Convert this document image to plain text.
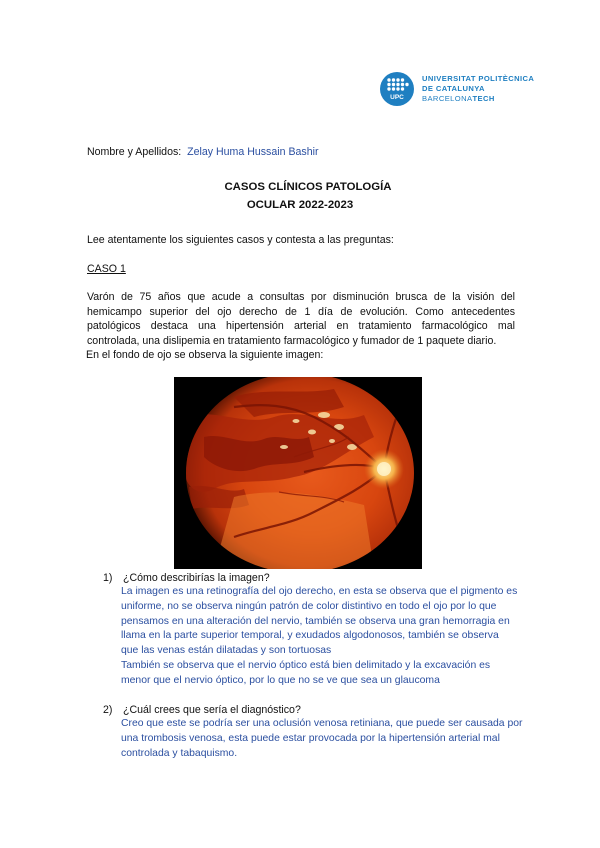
UPC
UNIVERSITAT POLITÈCNICA
DE CATALUNYA
BARCELONATECH
Nombre y Apellidos: Zelay Huma Hussain Bashir
CASOS CLÍNICOS PATOLOGÍA
OCULAR 2022-2023
Lee atentamente los siguientes casos y contesta a las preguntas:
CASO 1

Varón de 75 años que acude a consultas por disminución brusca de la visión del

hemicampo superior del ojo derecho de 1 día de evolución. Como antecedentes

patológicos destaca una hipertensión arterial en tratamiento farmacológico mal

controlada, una dislipemia en tratamiento farmacológico y fumador de 1 paquete diario.

En el fondo de ojo se observa la siguiente imagen:

1) ¿Cómo describirías la imagen?
La imagen es una retinografía del ojo derecho, en esta se observa que el pigmento es
uniforme, no se observa ningún patrón de color distintivo en todo el ojo por lo que
pensamos en una alteración del nervio, también se observa una gran hemorragia en
llama en la parte superior temporal, y exudados algodonosos, también se observa
que las venas están dilatadas y son tortuosas
También se observa que el nervio óptico está bien delimitado y la excavación es
menor que el nervio óptico, por lo que no se ve que sea un glaucoma
2) ¿Cuál crees que sería el diagnóstico?
Creo que este se podría ser una oclusión venosa retiniana, que puede ser causada por
una trombosis venosa, esta puede estar provocada por la hipertensión arterial mal
controlada y tabaquismo.
